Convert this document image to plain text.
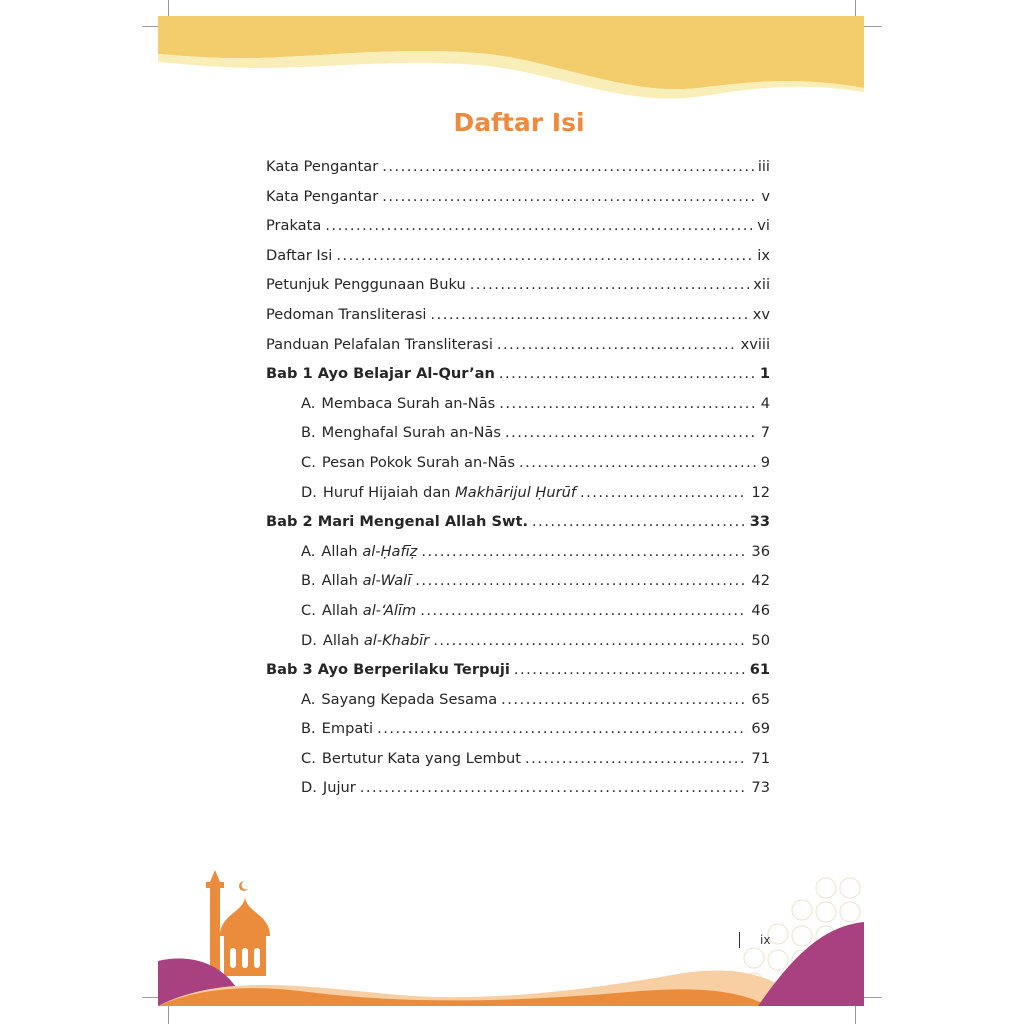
Daftar Isi
Kata Pengantar .....	iii
Kata Pengantar .....	v
Prakata .....	vi
Daftar Isi .....	ix
Petunjuk Penggunaan Buku .....	xii
Pedoman Transliterasi .....	xv
Panduan Pelafalan Transliterasi .....	xviii
Bab 1 Ayo Belajar Al-Qur’an .....	1
A. Membaca Surah an-Nās .....	4
B. Menghafal Surah an-Nās .....	7
C. Pesan Pokok Surah an-Nās .....	9
D. Huruf Hijaiah dan Makhārijul Ḥurūf .....	12
Bab 2 Mari Mengenal Allah Swt. .....	33
A. Allah al-Ḥafīẓ .....	36
B. Allah al-Walī .....	42
C. Allah al-‘Alīm .....	46
D. Allah al-Khabīr .....	50
Bab 3 Ayo Berperilaku Terpuji .....	61
A. Sayang Kepada Sesama .....	65
B. Empati .....	69
C. Bertutur Kata yang Lembut .....	71
D. Jujur .....	73
ix
